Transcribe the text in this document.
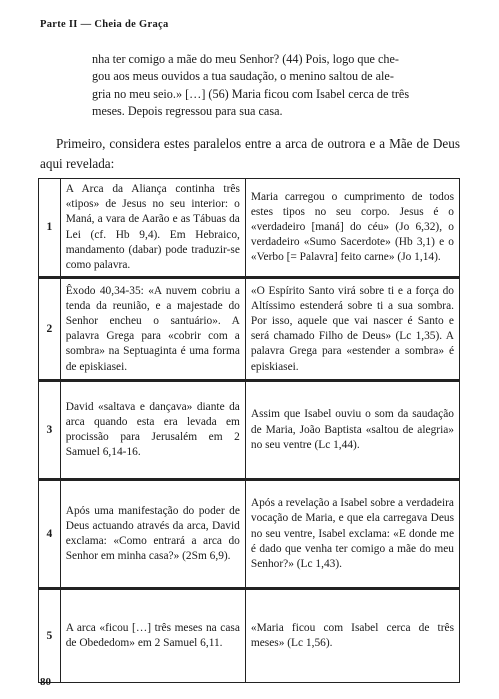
Parte II — Cheia de Graça

nha ter comigo a mãe do meu Senhor? (44) Pois, logo que che-

gou aos meus ouvidos a tua saudação, o menino saltou de ale-

gria no meu seio.» […] (56) Maria ficou com Isabel cerca de três

meses. Depois regressou para sua casa.

Primeiro, considera estes paralelos entre a arca de outrora e a Mãe de Deus aqui revelada:

1	A Arca da Aliança continha três «tipos» de Jesus no seu interior: o Maná, a vara de Aarão e as Tábuas da Lei (cf. Hb 9,4). Em Hebraico, mandamento (dabar) pode traduzir-se como palavra.	Maria carregou o cumprimento de todos estes tipos no seu corpo. Jesus é o «verdadeiro [maná] do céu» (Jo 6,32), o verdadeiro «Sumo Sacerdote» (Hb 3,1) e o «Verbo [= Palavra] feito carne» (Jo 1,14).
2	Êxodo 40,34-35: «A nuvem cobriu a tenda da reunião, e a majestade do Senhor encheu o santuário». A palavra Grega para «cobrir com a sombra» na Septuaginta é uma forma de episkiasei.	«O Espírito Santo virá sobre ti e a força do Altíssimo estenderá sobre ti a sua sombra. Por isso, aquele que vai nascer é Santo e será chamado Filho de Deus» (Lc 1,35). A palavra Grega para «estender a sombra» é episkiasei.
3	David «saltava e dançava» diante da arca quando esta era levada em procissão para Jerusalém em 2 Samuel 6,14-16.	Assim que Isabel ouviu o som da saudação de Maria, João Baptista «saltou de alegria» no seu ventre (Lc 1,44).
4	Após uma manifestação do poder de Deus actuando através da arca, David exclama: «Como entrará a arca do Senhor em minha casa?» (2Sm 6,9).	Após a revelação a Isabel sobre a verdadeira vocação de Maria, e que ela carregava Deus no seu ventre, Isabel exclama: «E donde me é dado que venha ter comigo a mãe do meu Senhor?» (Lc 1,43).
5	A arca «ficou […] três meses na casa de Obededom» em 2 Samuel 6,11.	«Maria ficou com Isabel cerca de três meses» (Lc 1,56).
80
